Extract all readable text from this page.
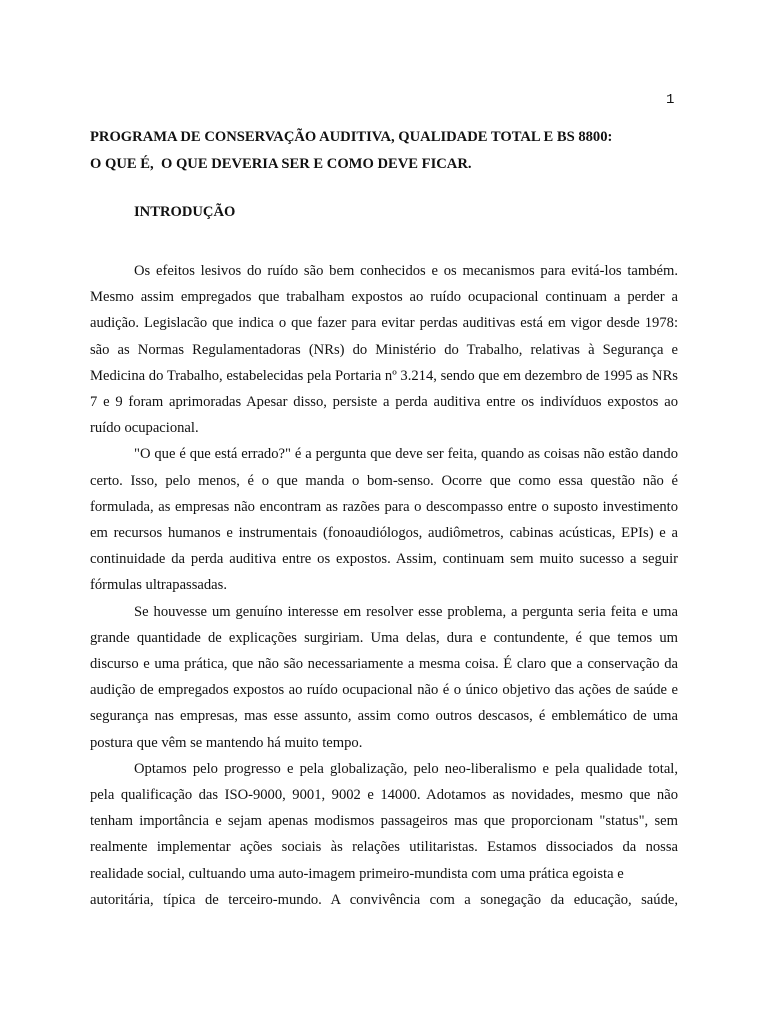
1
PROGRAMA DE CONSERVAÇÃO AUDITIVA, QUALIDADE TOTAL E BS 8800:
O QUE É,  O QUE DEVERIA SER E COMO DEVE FICAR.
INTRODUÇÃO

Os efeitos lesivos do ruído são bem conhecidos e os mecanismos para evitá-los também. Mesmo assim empregados que trabalham expostos ao ruído ocupacional continuam a perder a audição. Legislacão que indica o que fazer para evitar perdas auditivas está em vigor desde 1978: são as Normas Regulamentadoras (NRs) do Ministério do Trabalho, relativas à Segurança e Medicina do Trabalho, estabelecidas pela Portaria nº 3.214, sendo que em dezembro de 1995 as NRs 7 e 9 foram aprimoradas Apesar disso, persiste a perda auditiva entre os indivíduos expostos ao ruído ocupacional.

"O que é que está errado?" é a pergunta que deve ser feita, quando as coisas não estão dando certo. Isso, pelo menos, é o que manda o bom-senso. Ocorre que como essa questão não é formulada, as empresas não encontram as razões para o descompasso entre o suposto investimento em recursos humanos e instrumentais (fonoaudiólogos, audiômetros, cabinas acústicas, EPIs) e a continuidade da perda auditiva entre os expostos. Assim, continuam sem muito sucesso a seguir fórmulas ultrapassadas.

Se houvesse um genuíno interesse em resolver esse problema, a pergunta seria feita e uma grande quantidade de explicações surgiriam. Uma delas, dura e contundente, é que temos um discurso e uma prática, que não são necessariamente a mesma coisa. É claro que a conservação da audição de empregados expostos ao ruído ocupacional não é o único objetivo das ações de saúde e segurança nas empresas, mas esse assunto, assim como outros descasos, é emblemático de uma postura que vêm se mantendo há muito tempo.

Optamos pelo progresso e pela globalização, pelo neo-liberalismo e pela qualidade total, pela qualificação das ISO-9000, 9001, 9002 e 14000. Adotamos as novidades, mesmo que não tenham importância e sejam apenas modismos passageiros mas que proporcionam "status", sem realmente implementar ações sociais às relações utilitaristas. Estamos dissociados da nossa realidade social, cultuando uma auto-imagem primeiro-mundista com uma prática egoista e

autoritária, típica de terceiro-mundo. A convivência com a sonegação da educação, saúde,
